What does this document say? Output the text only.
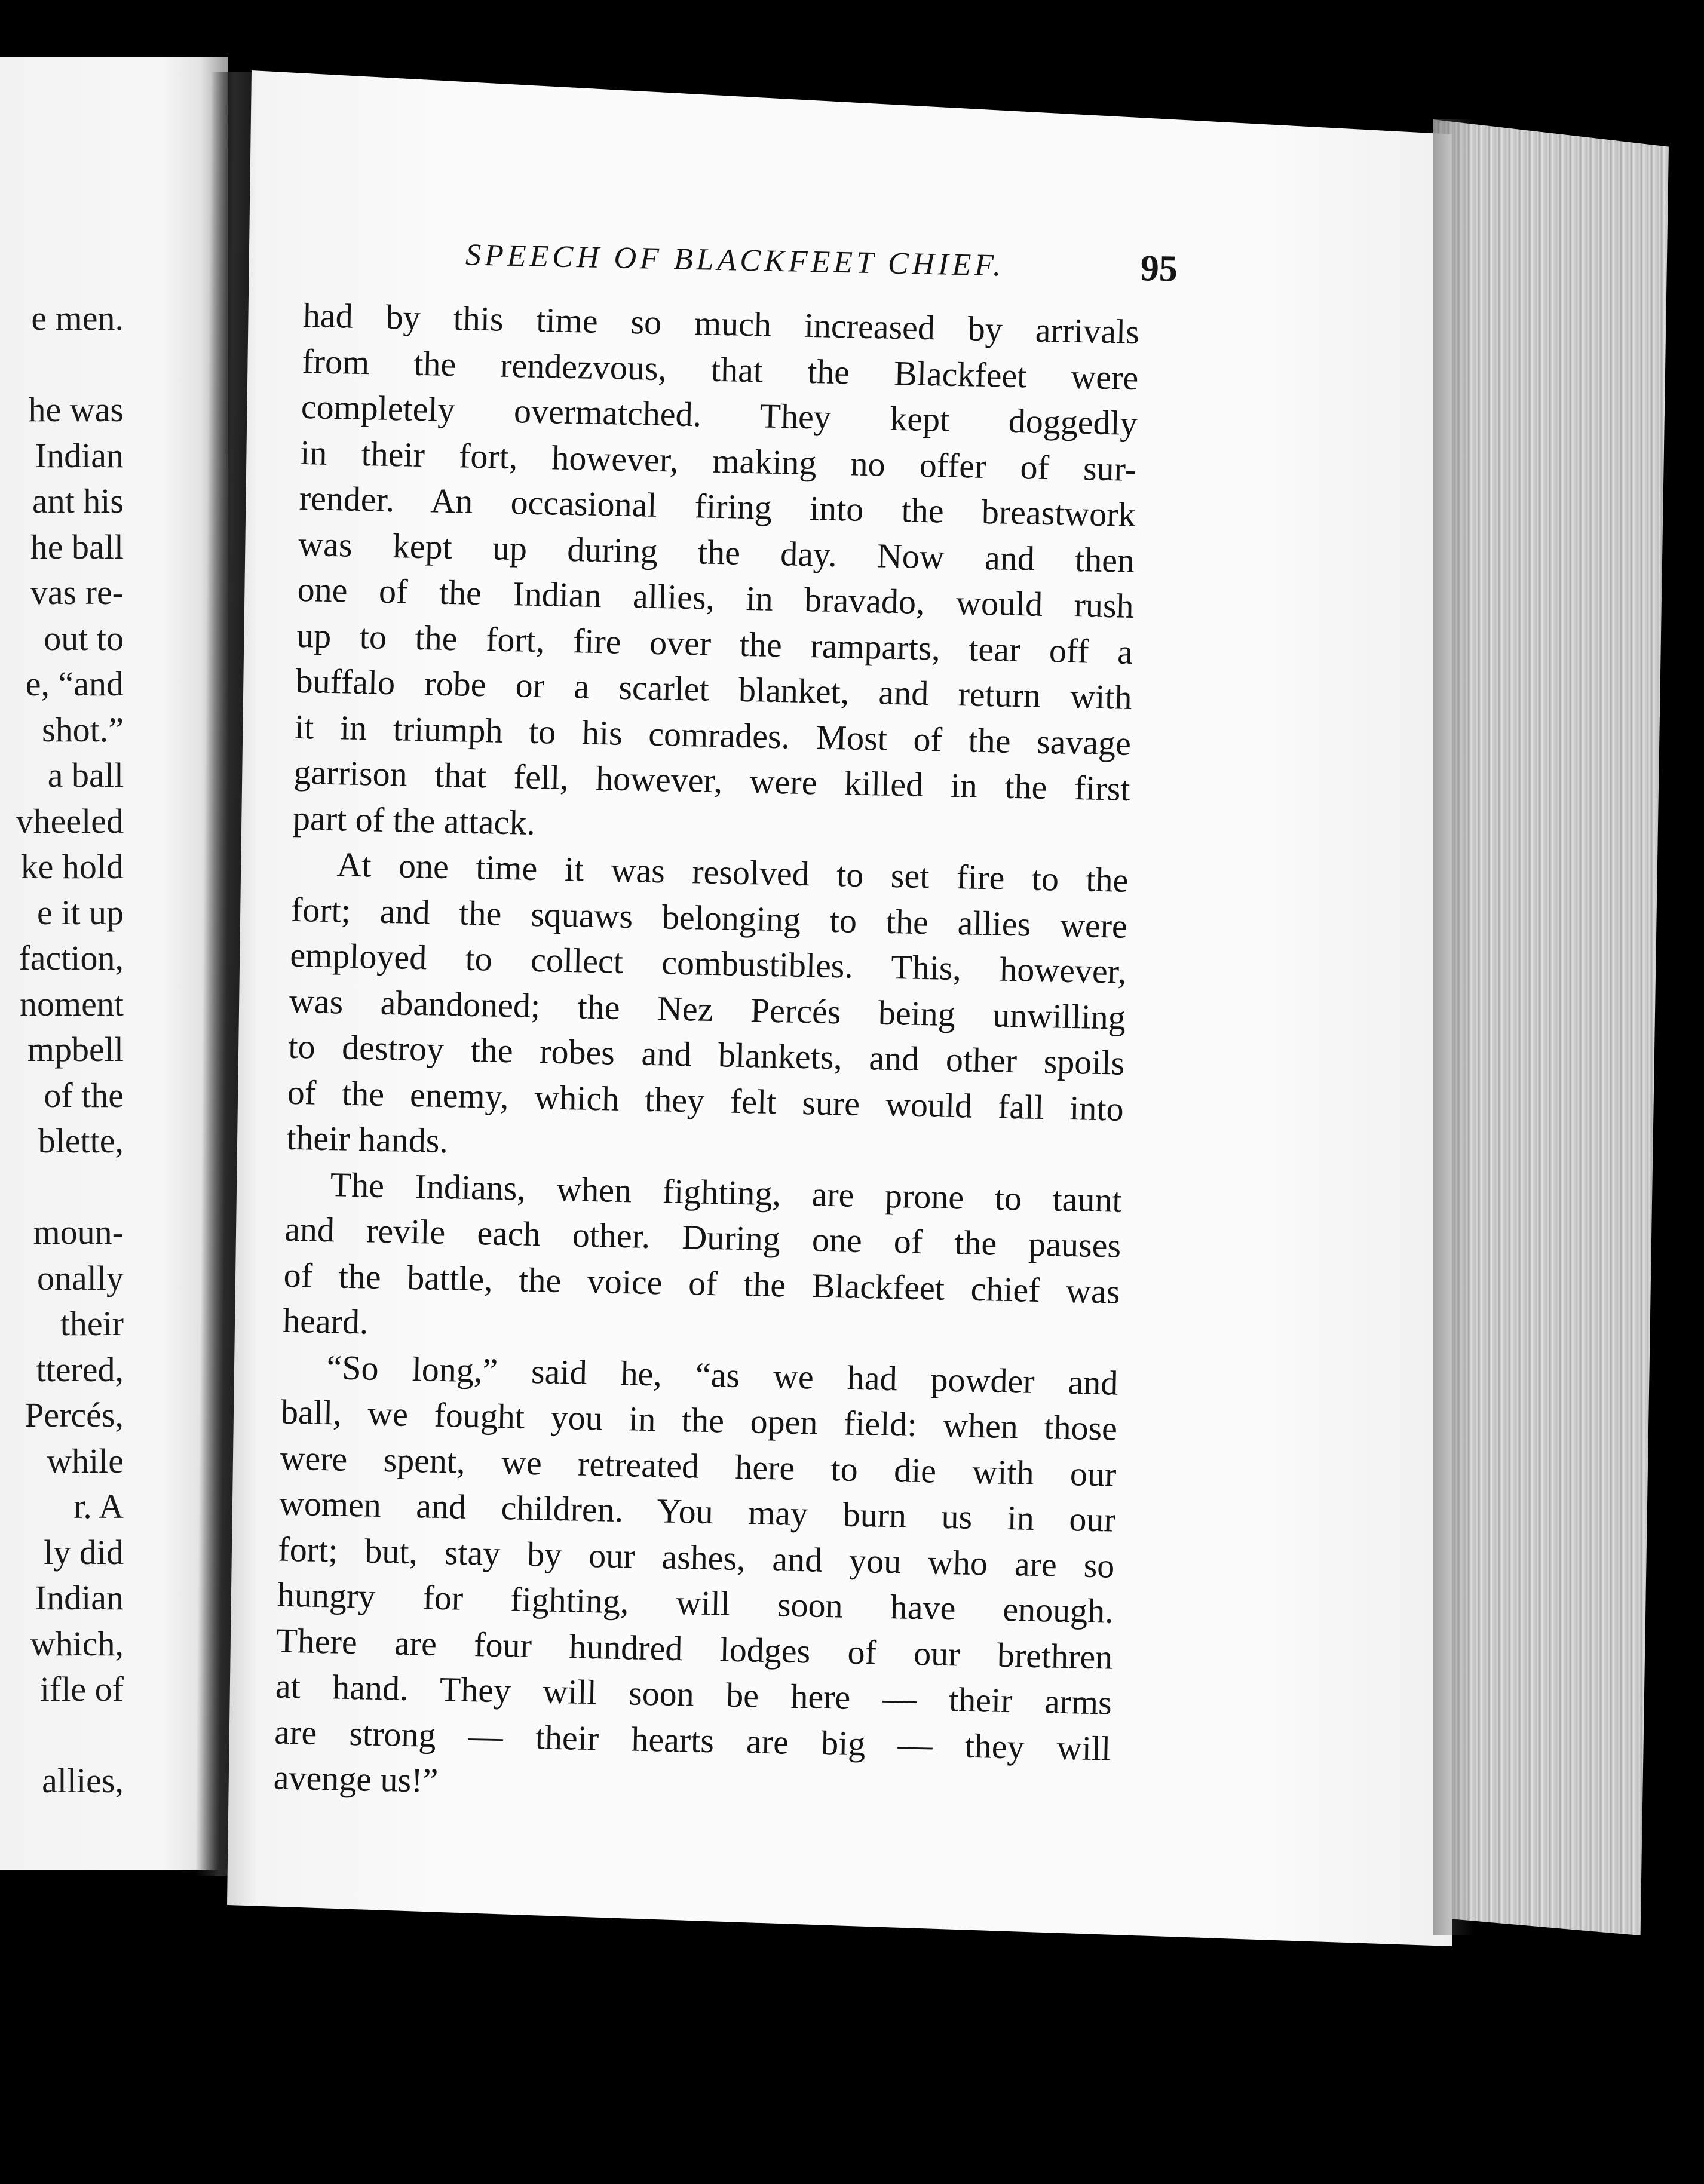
e men.
he was
Indian
ant his
he ball
vas re-
out to
e, “and
shot.”
a ball
vheeled
ke hold
e it up
faction,
noment
mpbell
of the
blette,
moun-
onally
their
ttered,
Percés,
while
r. A
ly did
Indian
which,
ifle of
allies,
SPEECH OF BLACKFEET CHIEF.	95
had by this time so much increased by arrivals
from the rendezvous, that the Blackfeet were
completely overmatched. They kept doggedly
in their fort, however, making no offer of sur-
render. An occasional firing into the breastwork
was kept up during the day. Now and then
one of the Indian allies, in bravado, would rush
up to the fort, fire over the ramparts, tear off a
buffalo robe or a scarlet blanket, and return with
it in triumph to his comrades. Most of the savage
garrison that fell, however, were killed in the first
part of the attack.
At one time it was resolved to set fire to the
fort; and the squaws belonging to the allies were
employed to collect combustibles. This, however,
was abandoned; the Nez Percés being unwilling
to destroy the robes and blankets, and other spoils
of the enemy, which they felt sure would fall into
their hands.
The Indians, when fighting, are prone to taunt
and revile each other. During one of the pauses
of the battle, the voice of the Blackfeet chief was
heard.
“So long,” said he, “as we had powder and
ball, we fought you in the open field: when those
were spent, we retreated here to die with our
women and children. You may burn us in our
fort; but, stay by our ashes, and you who are so
hungry for fighting, will soon have enough.
There are four hundred lodges of our brethren
at hand. They will soon be here — their arms
are strong — their hearts are big — they will
avenge us!”
